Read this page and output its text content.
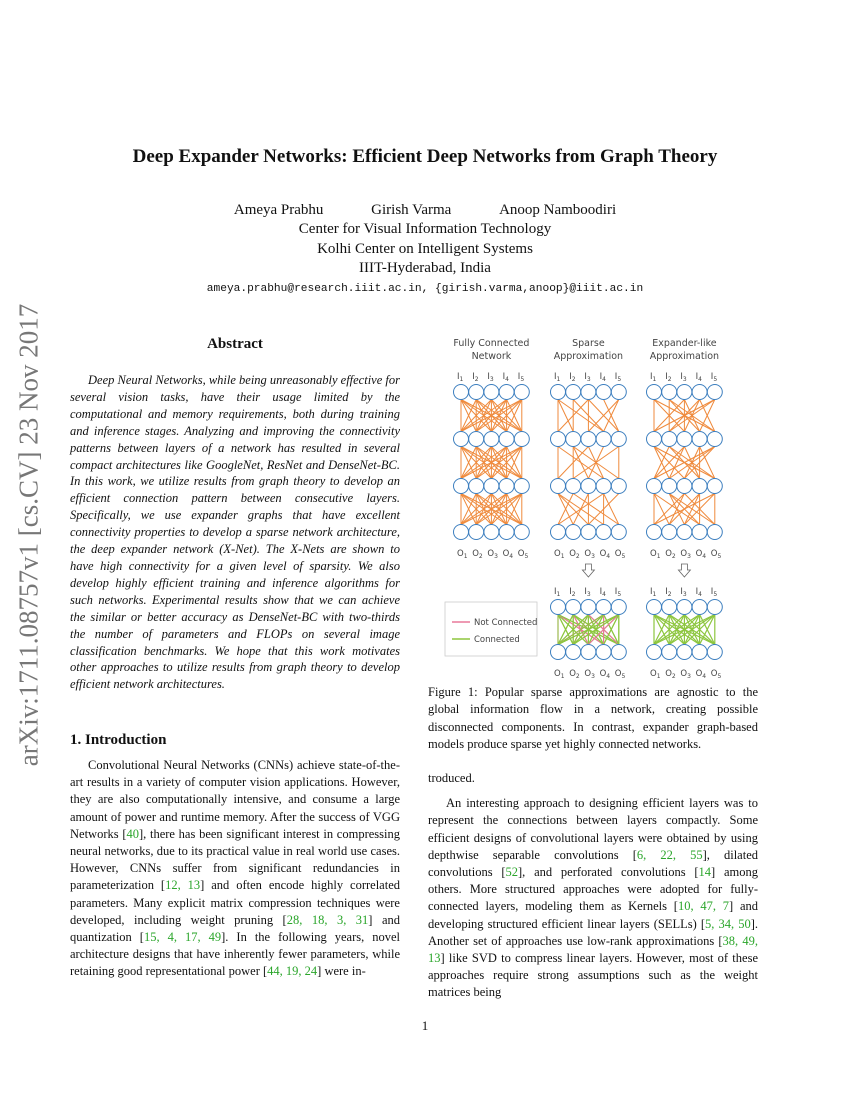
arXiv:1711.08757v1 [cs.CV] 23 Nov 2017
Deep Expander Networks: Efficient Deep Networks from Graph Theory
Ameya Prabhu	Girish Varma	Anoop Namboodiri
Center for Visual Information Technology
Kolhi Center on Intelligent Systems
IIIT-Hyderabad, India
ameya.prabhu@research.iiit.ac.in, {girish.varma,anoop}@iiit.ac.in
Abstract

Deep Neural Networks, while being unreasonably effective for several vision tasks, have their usage limited by the computational and memory requirements, both during training and inference stages. Analyzing and improving the connectivity patterns between layers of a network has resulted in several compact architectures like GoogleNet, ResNet and DenseNet-BC. In this work, we utilize results from graph theory to develop an efficient connection pattern between consecutive layers. Specifically, we use expander graphs that have excellent connectivity properties to develop a sparse network architecture, the deep expander network (X-Net). The X-Nets are shown to have high connectivity for a given level of sparsity. We also develop highly efficient training and inference algorithms for such networks. Experimental results show that we can achieve the similar or better accuracy as DenseNet-BC with two-thirds the number of parameters and FLOPs on several image classification benchmarks. We hope that this work motivates other approaches to utilize results from graph theory to develop efficient network architectures.

1. Introduction

Convolutional Neural Networks (CNNs) achieve state-of-the-art results in a variety of computer vision applications. However, they are also computationally intensive, and consume a large amount of power and runtime memory. After the success of VGG Networks [40], there has been significant interest in compressing neural networks, due to its practical value in real world use cases. However, CNNs suffer from significant redundancies in parameterization [12, 13] and often encode highly correlated parameters. Many explicit matrix compression techniques were developed, including weight pruning [28, 18, 3, 31] and quantization [15, 4, 17, 49]. In the following years, novel architecture designs that have inherently fewer parameters, while retaining good representational power [44, 19, 24] were in-

troduced.

An interesting approach to designing efficient layers was to represent the connections between layers compactly. Some efficient designs of convolutional layers were obtained by using depthwise separable convolutions [6, 22, 55], dilated convolutions [52], and perforated convolutions [14] among others. More structured approaches were adopted for fully-connected layers, modeling them as Kernels [10, 47, 7] and developing structured efficient linear layers (SELLs) [5, 34, 50]. Another set of approaches use low-rank approximations [38, 49, 13] like SVD to compress linear layers. However, most of these approaches require strong assumptions such as the weight matrices being

Fully Connected
Network
Sparse
Approximation
Expander-like
Approximation
$I_1$ $I_2$ $I_3$ $I_4$ $I_5$
$O_1$ $O_2$ $O_3$ $O_4$ $O_5$
$I_1$ $I_2$ $I_3$ $I_4$ $I_5$
$O_1$ $O_2$ $O_3$ $O_4$ $O_5$
$I_1$ $I_2$ $I_3$ $I_4$ $I_5$
$O_1$ $O_2$ $O_3$ $O_4$ $O_5$
$I_1$ $I_2$ $I_3$ $I_4$ $I_5$
$O_1$ $O_2$ $O_3$ $O_4$ $O_5$
$I_1$ $I_2$ $I_3$ $I_4$ $I_5$
$O_1$ $O_2$ $O_3$ $O_4$ $O_5$
Not Connected
Connected

Figure 1: Popular sparse approximations are agnostic to the global information flow in a network, creating possible disconnected components. In contrast, expander graph-based models produce sparse yet highly connected networks.

1
